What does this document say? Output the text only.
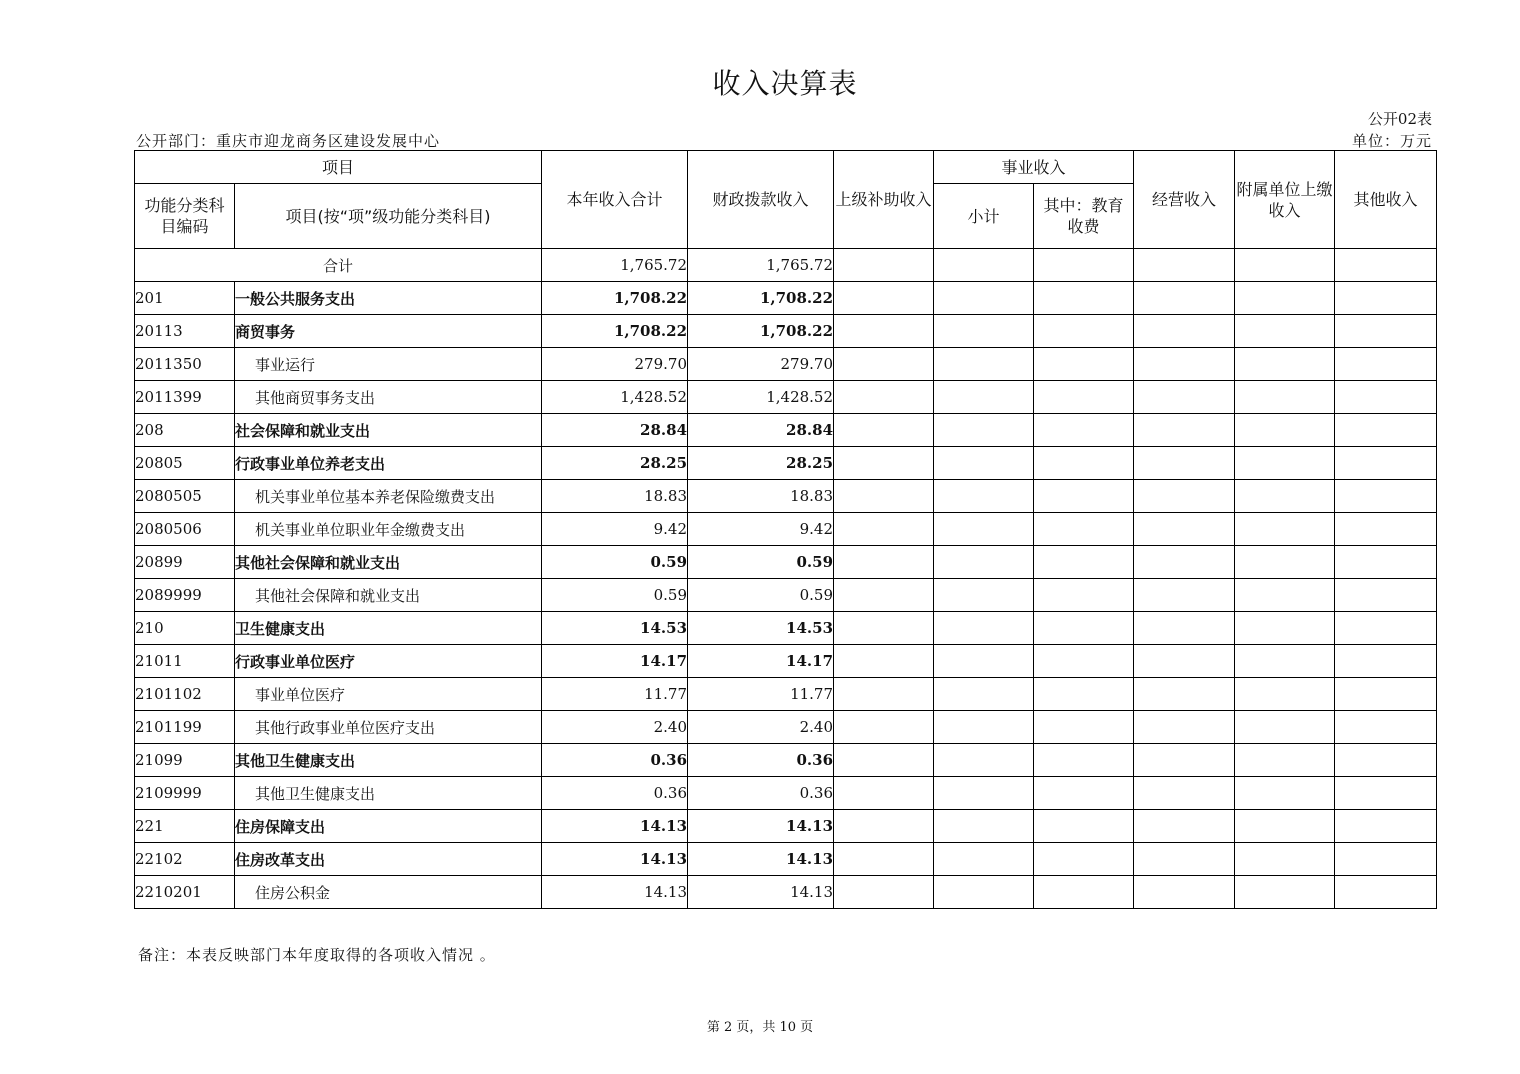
收入决算表
公开02表
公开部门：重庆市迎龙商务区建设发展中心	单位：万元
项目		本年收入合计	财政拨款收入	上级补助收入	事业收入		经营收入	附属单位上缴收入	其他收入
功能分类科目编码	项目(按“项”级功能分类科目)								
					小计	其中：教育收费			
合计		1,765.72	1,765.72						
201	一般公共服务支出	1,708.22	1,708.22						
20113	商贸事务	1,708.22	1,708.22						
2011350	事业运行	279.70	279.70						
2011399	其他商贸事务支出	1,428.52	1,428.52						
208	社会保障和就业支出	28.84	28.84						
20805	行政事业单位养老支出	28.25	28.25						
2080505	机关事业单位基本养老保险缴费支出	18.83	18.83						
2080506	机关事业单位职业年金缴费支出	9.42	9.42						
20899	其他社会保障和就业支出	0.59	0.59						
2089999	其他社会保障和就业支出	0.59	0.59						
210	卫生健康支出	14.53	14.53						
21011	行政事业单位医疗	14.17	14.17						
2101102	事业单位医疗	11.77	11.77						
2101199	其他行政事业单位医疗支出	2.40	2.40						
21099	其他卫生健康支出	0.36	0.36						
2109999	其他卫生健康支出	0.36	0.36						
221	住房保障支出	14.13	14.13						
22102	住房改革支出	14.13	14.13						
2210201	住房公积金	14.13	14.13						
备注：本表反映部门本年度取得的各项收入情况 。
第 2 页，共 10 页
